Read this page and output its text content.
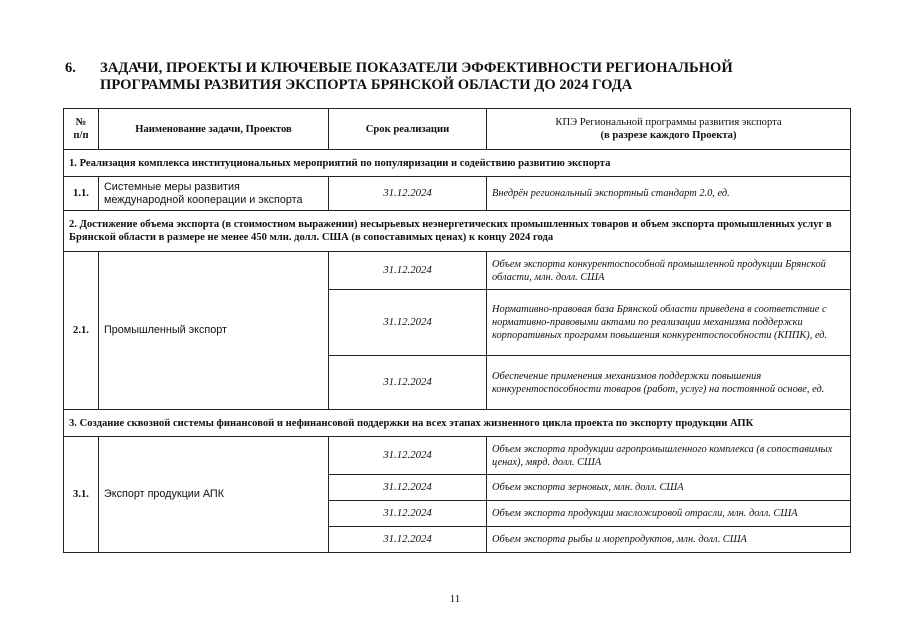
6.	ЗАДАЧИ, ПРОЕКТЫ И КЛЮЧЕВЫЕ ПОКАЗАТЕЛИ ЭФФЕКТИВНОСТИ РЕГИОНАЛЬНОЙ
ПРОГРАММЫ РАЗВИТИЯ ЭКСПОРТА БРЯНСКОЙ ОБЛАСТИ ДО 2024 ГОДА
№
п/п	Наименование задачи, Проектов	Срок реализации	КПЭ Региональной программы развития экспорта
(в разрезе каждого Проекта)

1. Реализация комплекса институциональных мероприятий по популяризации и содействию развитию экспорта			
1.1.	Системные меры развития международной кооперации и экспорта	31.12.2024	Внедрён региональный экспортный стандарт 2.0, ед.
2. Достижение объема экспорта (в стоимостном выражении) несырьевых неэнергетических промышленных товаров и объем экспорта промышленных услуг в Брянской области в размере не менее 450 млн. долл. США (в сопоставимых ценах) к концу 2024 года			
2.1.	Промышленный экспорт	31.12.2024	Объем экспорта конкурентоспособной промышленной продукции Брянской области, млн. долл. США
		31.12.2024	Нормативно-правовая база Брянской области приведена в соответствие с нормативно-правовыми актами по реализации механизма поддержки корпоративных программ повышения конкурентоспособности (КППК), ед.
		31.12.2024	Обеспечение применения механизмов поддержки повышения конкурентоспособности товаров (работ, услуг) на постоянной основе, ед.
3. Создание сквозной системы финансовой и нефинансовой поддержки на всех этапах жизненного цикла проекта по экспорту продукции АПК			
3.1.	Экспорт продукции АПК	31.12.2024	Объем экспорта продукции агропромышленного комплекса (в сопоставимых ценах), мярд. долл. США
		31.12.2024	Объем экспорта зерновых, млн. долл. США
		31.12.2024	Объем экспорта продукции масложировой отрасли, млн. долл. США
		31.12.2024	Объем экспорта рыбы и морепродуктов, млн. долл. США
11
